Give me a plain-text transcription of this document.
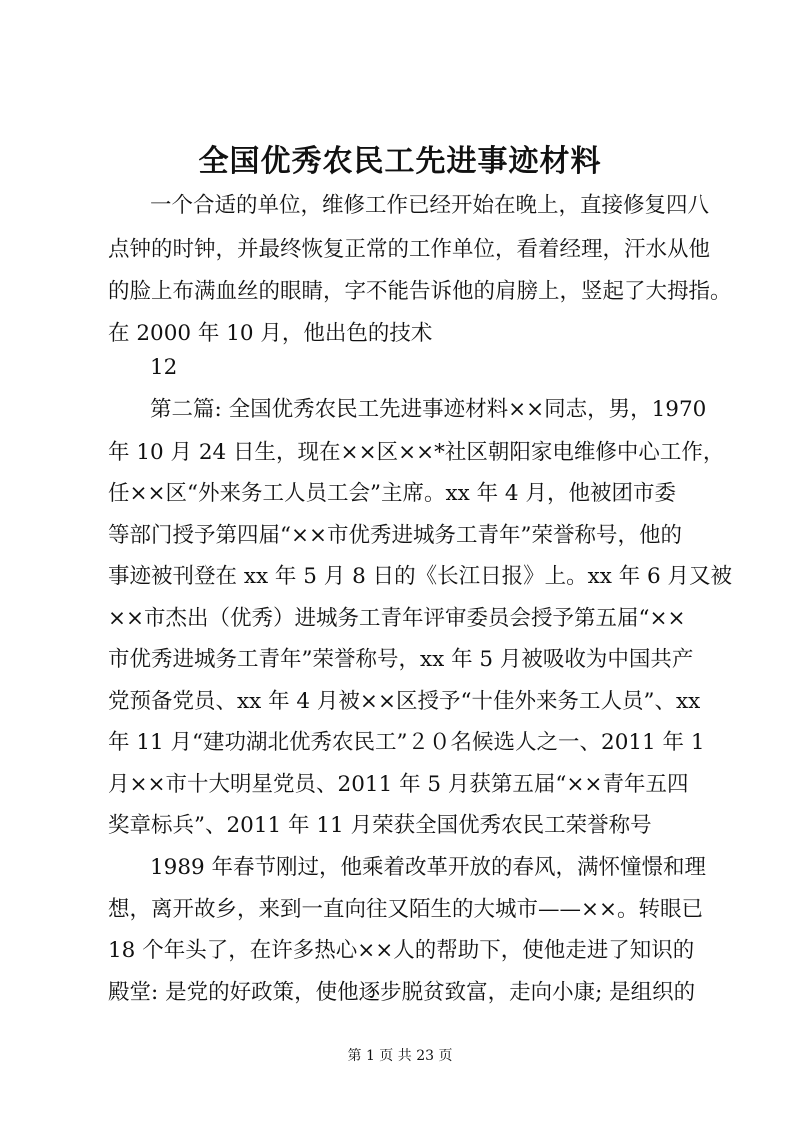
全国优秀农民工先进事迹材料
一个合适的单位，维修工作已经开始在晚上，直接修复四八
点钟的时钟，并最终恢复正常的工作单位，看着经理，汗水从他
的脸上布满血丝的眼睛，字不能告诉他的肩膀上，竖起了大拇指。
在 2000 年 10 月，他出色的技术
12
第二篇: 全国优秀农民工先进事迹材料××同志，男，1970
年 10 月 24 日生，现在××区××*社区朝阳家电维修中心工作，
任××区“外来务工人员工会”主席。xx 年 4 月，他被团市委
等部门授予第四届“××市优秀进城务工青年”荣誉称号，他的
事迹被刊登在 xx 年 5 月 8 日的《长江日报》上。xx 年 6 月又被
××市杰出（优秀）进城务工青年评审委员会授予第五届“××
市优秀进城务工青年”荣誉称号，xx 年 5 月被吸收为中国共产
党预备党员、xx 年 4 月被××区授予“十佳外来务工人员”、xx
年 11 月“建功湖北优秀农民工”２０名候选人之一、2011 年 1
月××市十大明星党员、2011 年 5 月获第五届“××青年五四
奖章标兵”、2011 年 11 月荣获全国优秀农民工荣誉称号
1989 年春节刚过，他乘着改革开放的春风，满怀憧憬和理
想，离开故乡，来到一直向往又陌生的大城市——××。转眼已
18 个年头了，在许多热心××人的帮助下，使他走进了知识的
殿堂: 是党的好政策，使他逐步脱贫致富，走向小康; 是组织的
第 1 页 共 23 页
